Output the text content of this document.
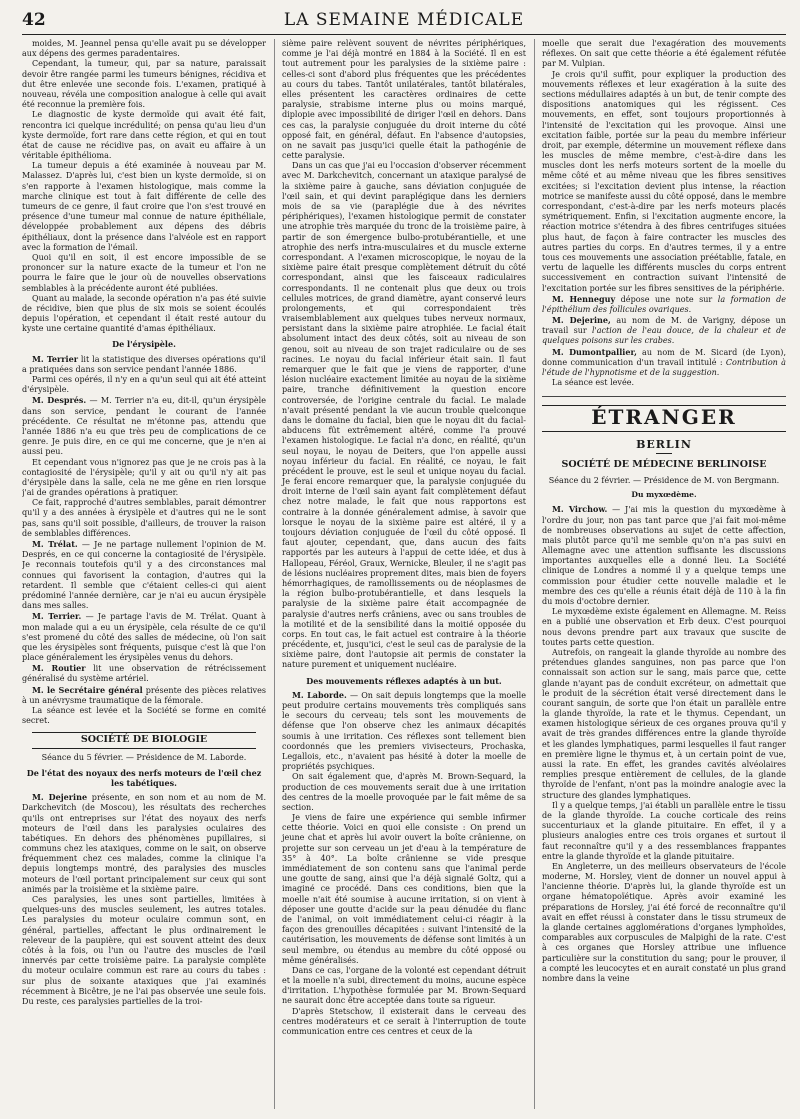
42	LA SEMAINE MÉDICALE

moides, M. Jeannel pensa qu'elle avait pu se développer aux dépens des germes paradentaires.

Cependant, la tumeur, qui, par sa nature, paraissait devoir être rangée parmi les tumeurs bénignes, récidiva et dut être enlevée une seconde fois. L'examen, pratiqué à nouveau, révéla une composition analogue à celle qui avait été reconnue la première fois.

Le diagnostic de kyste dermoïde qui avait été fait, rencontra ici quelque incrédulité; on pensa qu'au lieu d'un kyste dermoïde, fort rare dans cette région, et qui en tout état de cause ne récidive pas, on avait eu affaire à un véritable épithélioma.

La tumeur depuis a été examinée à nouveau par M. Malassez. D'après lui, c'est bien un kyste dermoïde, si on s'en rapporte à l'examen histologique, mais comme la marche clinique est tout à fait différente de celle des tumeurs de ce genre, il faut croire que l'on s'est trouvé en présence d'une tumeur mal connue de nature épithéliale, développée probablement aux dépens des débris épithéliaux, dont la présence dans l'alvéole est en rapport avec la formation de l'émail.

Quoi qu'il en soit, il est encore impossible de se prononcer sur la nature exacte de la tumeur et l'on ne pourra le faire que le jour où de nouvelles observations semblables à la précédente auront été publiées.

Quant au malade, la seconde opération n'a pas été suivie de récidive, bien que plus de six mois se soient écoulés depuis l'opération, et cependant il était resté autour du kyste une certaine quantité d'amas épithéliaux.

De l'érysipèle.

M. Terrier lit la statistique des diverses opérations qu'il a pratiquées dans son service pendant l'année 1886.

Parmi ces opérés, il n'y en a qu'un seul qui ait été atteint d'érysipèle.

M. Després. — M. Terrier n'a eu, dit-il, qu'un érysipèle dans son service, pendant le courant de l'année précédente. Ce résultat ne m'étonne pas, attendu que l'année 1886 n'a eu que très peu de complications de ce genre. Je puis dire, en ce qui me concerne, que je n'en ai aussi peu.

Et cependant vous n'ignorez pas que je ne crois pas à la contagiosité de l'érysipèle; qu'il y ait ou qu'il n'y ait pas d'érysipèle dans la salle, cela ne me gêne en rien lorsque j'ai de grandes opérations à pratiquer.

Ce fait, rapproché d'autres semblables, parait démontrer qu'il y a des années à érysipèle et d'autres qui ne le sont pas, sans qu'il soit possible, d'ailleurs, de trouver la raison de semblables différences.

M. Trélat. — Je ne partage nullement l'opinion de M. Després, en ce qui concerne la contagiosité de l'érysipèle. Je reconnais toutefois qu'il y a des circonstances mal connues qui favorisent la contagion, d'autres qui la retardent. Il semble que c'étaient celles-ci qui aient prédominé l'année dernière, car je n'ai eu aucun érysipèle dans mes salles.

M. Terrier. — Je partage l'avis de M. Trélat. Quant à mon malade qui a eu un érysipèle, cela résulte de ce qu'il s'est promené du côté des salles de médecine, où l'on sait que les érysipèles sont fréquents, puisque c'est là que l'on place généralement les érysipèles venus du dehors.

M. Routier lit une observation de rétrécissement généralisé du système artériel.

M. le Secrétaire général présente des pièces relatives à un anévrysme traumatique de la fémorale.

La séance est levée et la Société se forme en comité secret.

SOCIÉTÉ DE BIOLOGIE
Séance du 5 février. — Présidence de M. Laborde.
De l'état des noyaux des nerfs moteurs de l'œil chez les tabétiques.

M. Dejerine présente, en son nom et au nom de M. Darkchevitch (de Moscou), les résultats des recherches qu'ils ont entreprises sur l'état des noyaux des nerfs moteurs de l'œil dans les paralysies oculaires des tabétiques. En dehors des phénomènes pupillaires, si communs chez les ataxiques, comme on le sait, on observe fréquemment chez ces malades, comme la clinique l'a depuis longtemps montré, des paralysies des muscles moteurs de l'œil portant principalement sur ceux qui sont animés par la troisième et la sixième paire.

Ces paralysies, les unes sont partielles, limitées à quelques-uns des muscles seulement, les autres totales. Les paralysies du moteur oculaire commun sont, en général, partielles, affectant le plus ordinairement le releveur de la paupière, qui est souvent atteint des deux côtés à la fois, ou l'un ou l'autre des muscles de l'œil innervés par cette troisième paire. La paralysie complète du moteur oculaire commun est rare au cours du tabes : sur plus de soixante ataxiques que j'ai examinés récemment à Bicêtre, je ne l'ai pas observée une seule fois. Du reste, ces paralysies partielles de la troi-

sième paire relèvent souvent de névrites périphériques, comme je l'ai déjà montré en 1884 à la Société. Il en est tout autrement pour les paralysies de la sixième paire : celles-ci sont d'abord plus fréquentes que les précédentes au cours du tabes. Tantôt unilatérales, tantôt bilatérales, elles présentent les caractères ordinaires de cette paralysie, strabisme interne plus ou moins marqué, diplopie avec impossibilité de diriger l'œil en dehors. Dans ces cas, la paralysie conjuguée du droit interne du côté opposé fait, en général, défaut. En l'absence d'autopsies, on ne savait pas jusqu'ici quelle était la pathogénie de cette paralysie.

Dans un cas que j'ai eu l'occasion d'observer récemment avec M. Darkchevitch, concernant un ataxique paralysé de la sixième paire à gauche, sans déviation conjuguée de l'œil sain, et qui devint paraplégique dans les derniers mois de sa vie (paraplégie due à des névrites périphériques), l'examen histologique permit de constater une atrophie très marquée du tronc de la troisième paire, à partir de son émergence bulbo-protubérantielle, et une atrophie des nerfs intra-musculaires et du muscle externe correspondant. A l'examen microscopique, le noyau de la sixième paire était presque complètement détruit du côté correspondant, ainsi que les faisceaux radiculaires correspondants. Il ne contenait plus que deux ou trois cellules motrices, de grand diamètre, ayant conservé leurs prolongements, et qui correspondaient très vraisemblablement aux quelques tubes nerveux normaux, persistant dans la sixième paire atrophiée. Le facial était absolument intact des deux côtés, soit au niveau de son genou, soit au niveau de son trajet radiculaire ou de ses racines. Le noyau du facial inférieur était sain. Il faut remarquer que le fait que je viens de rapporter, d'une lésion nucléaire exactement limitée au noyau de la sixième paire, tranche définitivement la question encore controversée, de l'origine centrale du facial. Le malade n'avait présenté pendant la vie aucun trouble quelconque dans le domaine du facial, bien que le noyau dit du facial-abducens fût extrêmement altéré, comme l'a prouvé l'examen histologique. Le facial n'a donc, en réalité, qu'un seul noyau, le noyau de Deiters, que l'on appelle aussi noyau inférieur du facial. En réalité, ce noyau, le fait précédent le prouve, est le seul et unique noyau du facial. Je ferai encore remarquer que, la paralysie conjuguée du droit interne de l'œil sain ayant fait complètement défaut chez notre malade, le fait que nous rapportons est contraire à la donnée généralement admise, à savoir que lorsque le noyau de la sixième paire est altéré, il y a toujours déviation conjuguée de l'œil du côté opposé. Il faut ajouter, cependant, que, dans aucun des faits rapportés par les auteurs à l'appui de cette idée, et dus à Hallopeau, Féréol, Graux, Wernicke, Bleuler, il ne s'agit pas de lésions nucléaires proprement dites, mais bien de foyers hémorrhagiques, de ramollissements ou de néoplasmes de la région bulbo-protubérantielle, et dans lesquels la paralysie de la sixième paire était accompagnée de paralysie d'autres nerfs crâniens, avec ou sans troubles de la motilité et de la sensibilité dans la moitié opposée du corps. En tout cas, le fait actuel est contraire à la théorie précédente, et, jusqu'ici, c'est le seul cas de paralysie de la sixième paire, dont l'autopsie ait permis de constater la nature purement et uniquement nucléaire.

Des mouvements réflexes adaptés à un but.

M. Laborde. — On sait depuis longtemps que la moelle peut produire certains mouvements très compliqués sans le secours du cerveau; tels sont les mouvements de défense que l'on observe chez les animaux décapités soumis à une irritation. Ces réflexes sont tellement bien coordonnés que les premiers vivisecteurs, Prochaska, Legallois, etc., n'avaient pas hésité à doter la moelle de propriétés psychiques.

On sait également que, d'après M. Brown-Sequard, la production de ces mouvements serait due à une irritation des centres de la moelle provoquée par le fait même de sa section.

Je viens de faire une expérience qui semble infirmer cette théorie. Voici en quoi elle consiste : On prend un jeune chat et après lui avoir ouvert la boîte crânienne, on projette sur son cerveau un jet d'eau à la température de 35° à 40°. La boîte crânienne se vide presque immédiatement de son contenu sans que l'animal perde une goutte de sang, ainsi que l'a déjà signalé Goltz, qui a imaginé ce procédé. Dans ces conditions, bien que la moelle n'ait été soumise à aucune irritation, si on vient à déposer une goutte d'acide sur la peau dénudée du flanc de l'animal, on voit immédiatement celui-ci réagir à la façon des grenouilles décapitées : suivant l'intensité de la cautérisation, les mouvements de défense sont limités à un seul membre, ou étendus au membre du côté opposé ou même généralisés.

Dans ce cas, l'organe de la volonté est cependant détruit et la moelle n'a subi, directement du moins, aucune espèce d'irritation. L'hypothèse formulée par M. Brown-Sequard ne saurait donc être acceptée dans toute sa rigueur.

D'après Stetschow, il existerait dans le cerveau des centres modérateurs et ce serait à l'interruption de toute communication entre ces centres et ceux de la

moelle que serait due l'exagération des mouvements réflexes. On sait que cette théorie a été également réfutée par M. Vulpian.

Je crois qu'il suffit, pour expliquer la production des mouvements réflexes et leur exagération à la suite des sections médullaires adaptés à un but, de tenir compte des dispositions anatomiques qui les régissent. Ces mouvements, en effet, sont toujours proportionnés à l'intensité de l'excitation qui les provoque. Ainsi une excitation faible, portée sur la peau du membre inférieur droit, par exemple, détermine un mouvement réflexe dans les muscles de même membre, c'est-à-dire dans les muscles dont les nerfs moteurs sortent de la moelle du même côté et au même niveau que les fibres sensitives excitées; si l'excitation devient plus intense, la réaction motrice se manifeste aussi du côté opposé, dans le membre correspondant, c'est-à-dire par les nerfs moteurs placés symétriquement. Enfin, si l'excitation augmente encore, la réaction motrice s'étendra à des fibres centrifuges situées plus haut, de façon à faire contracter les muscles des autres parties du corps. En d'autres termes, il y a entre tous ces mouvements une association préétablie, fatale, en vertu de laquelle les différents muscles du corps entrent successivement en contraction suivant l'intensité de l'excitation portée sur les fibres sensitives de la périphérie.

M. Henneguy dépose une note sur la formation de l'épithélium des follicules ovariques.

M. Dejerine, au nom de M. de Varigny, dépose un travail sur l'action de l'eau douce, de la chaleur et de quelques poisons sur les crabes.

M. Dumontpallier, au nom de M. Sicard (de Lyon), donne communication d'un travail intitulé : Contribution à l'étude de l'hypnotisme et de la suggestion.

La séance est levée.

ÉTRANGER
BERLIN
SOCIÉTÉ DE MÉDECINE BERLINOISE
Séance du 2 février. — Présidence de M. von Bergmann.
Du myxœdème.

M. Virchow. — J'ai mis la question du myxœdème à l'ordre du jour, non pas tant parce que j'ai fait moi-même de nombreuses observations au sujet de cette affection, mais plutôt parce qu'il me semble qu'on n'a pas suivi en Allemagne avec une attention suffisante les discussions importantes auxquelles elle a donné lieu. La Société clinique de Londres a nommé il y a quelque temps une commission pour étudier cette nouvelle maladie et le membre des ces qu'elle a réunis était déjà de 110 à la fin du mois d'octobre dernier.

Le myxœdème existe également en Allemagne. M. Reiss en a publié une observation et Erb deux. C'est pourquoi nous devons prendre part aux travaux que suscite de toutes parts cette question.

Autrefois, on rangeait la glande thyroïde au nombre des prétendues glandes sanguines, non pas parce que l'on connaissait son action sur le sang, mais parce que, cette glande n'ayant pas de conduit excréteur, on admettait que le produit de la sécrétion était versé directement dans le courant sanguin, de sorte que l'on était un parallèle entre la glande thyroïde, la rate et le thymus. Cependant, un examen histologique sérieux de ces organes prouva qu'il y avait de très grandes différences entre la glande thyroïde et les glandes lymphatiques, parmi lesquelles il faut ranger en première ligne le thymus et, à un certain point de vue, aussi la rate. En effet, les grandes cavités alvéolaires remplies presque entièrement de cellules, de la glande thyroïde de l'enfant, n'ont pas la moindre analogie avec la structure des glandes lymphatiques.

Il y a quelque temps, j'ai établi un parallèle entre le tissu de la glande thyroïde. La couche corticale des reins succenturiaux et la glande pituitaire. En effet, il y a plusieurs analogies entre ces trois organes et surtout il faut reconnaître qu'il y a des ressemblances frappantes entre la glande thyroïde et la glande pituitaire.

En Angleterre, un des meilleurs observateurs de l'école moderne, M. Horsley, vient de donner un nouvel appui à l'ancienne théorie. D'après lui, la glande thyroïde est un organe hématopoïétique. Après avoir examiné les préparations de Horsley, j'ai été forcé de reconnaître qu'il avait en effet réussi à constater dans le tissu strumeux de la glande certaines agglomérations d'organes lymphoïdes, comparables aux corpuscules de Malpighi de la rate. C'est à ces organes que Horsley attribue une influence particulière sur la constitution du sang; pour le prouver, il a compté les leucocytes et en aurait constaté un plus grand nombre dans la veine
